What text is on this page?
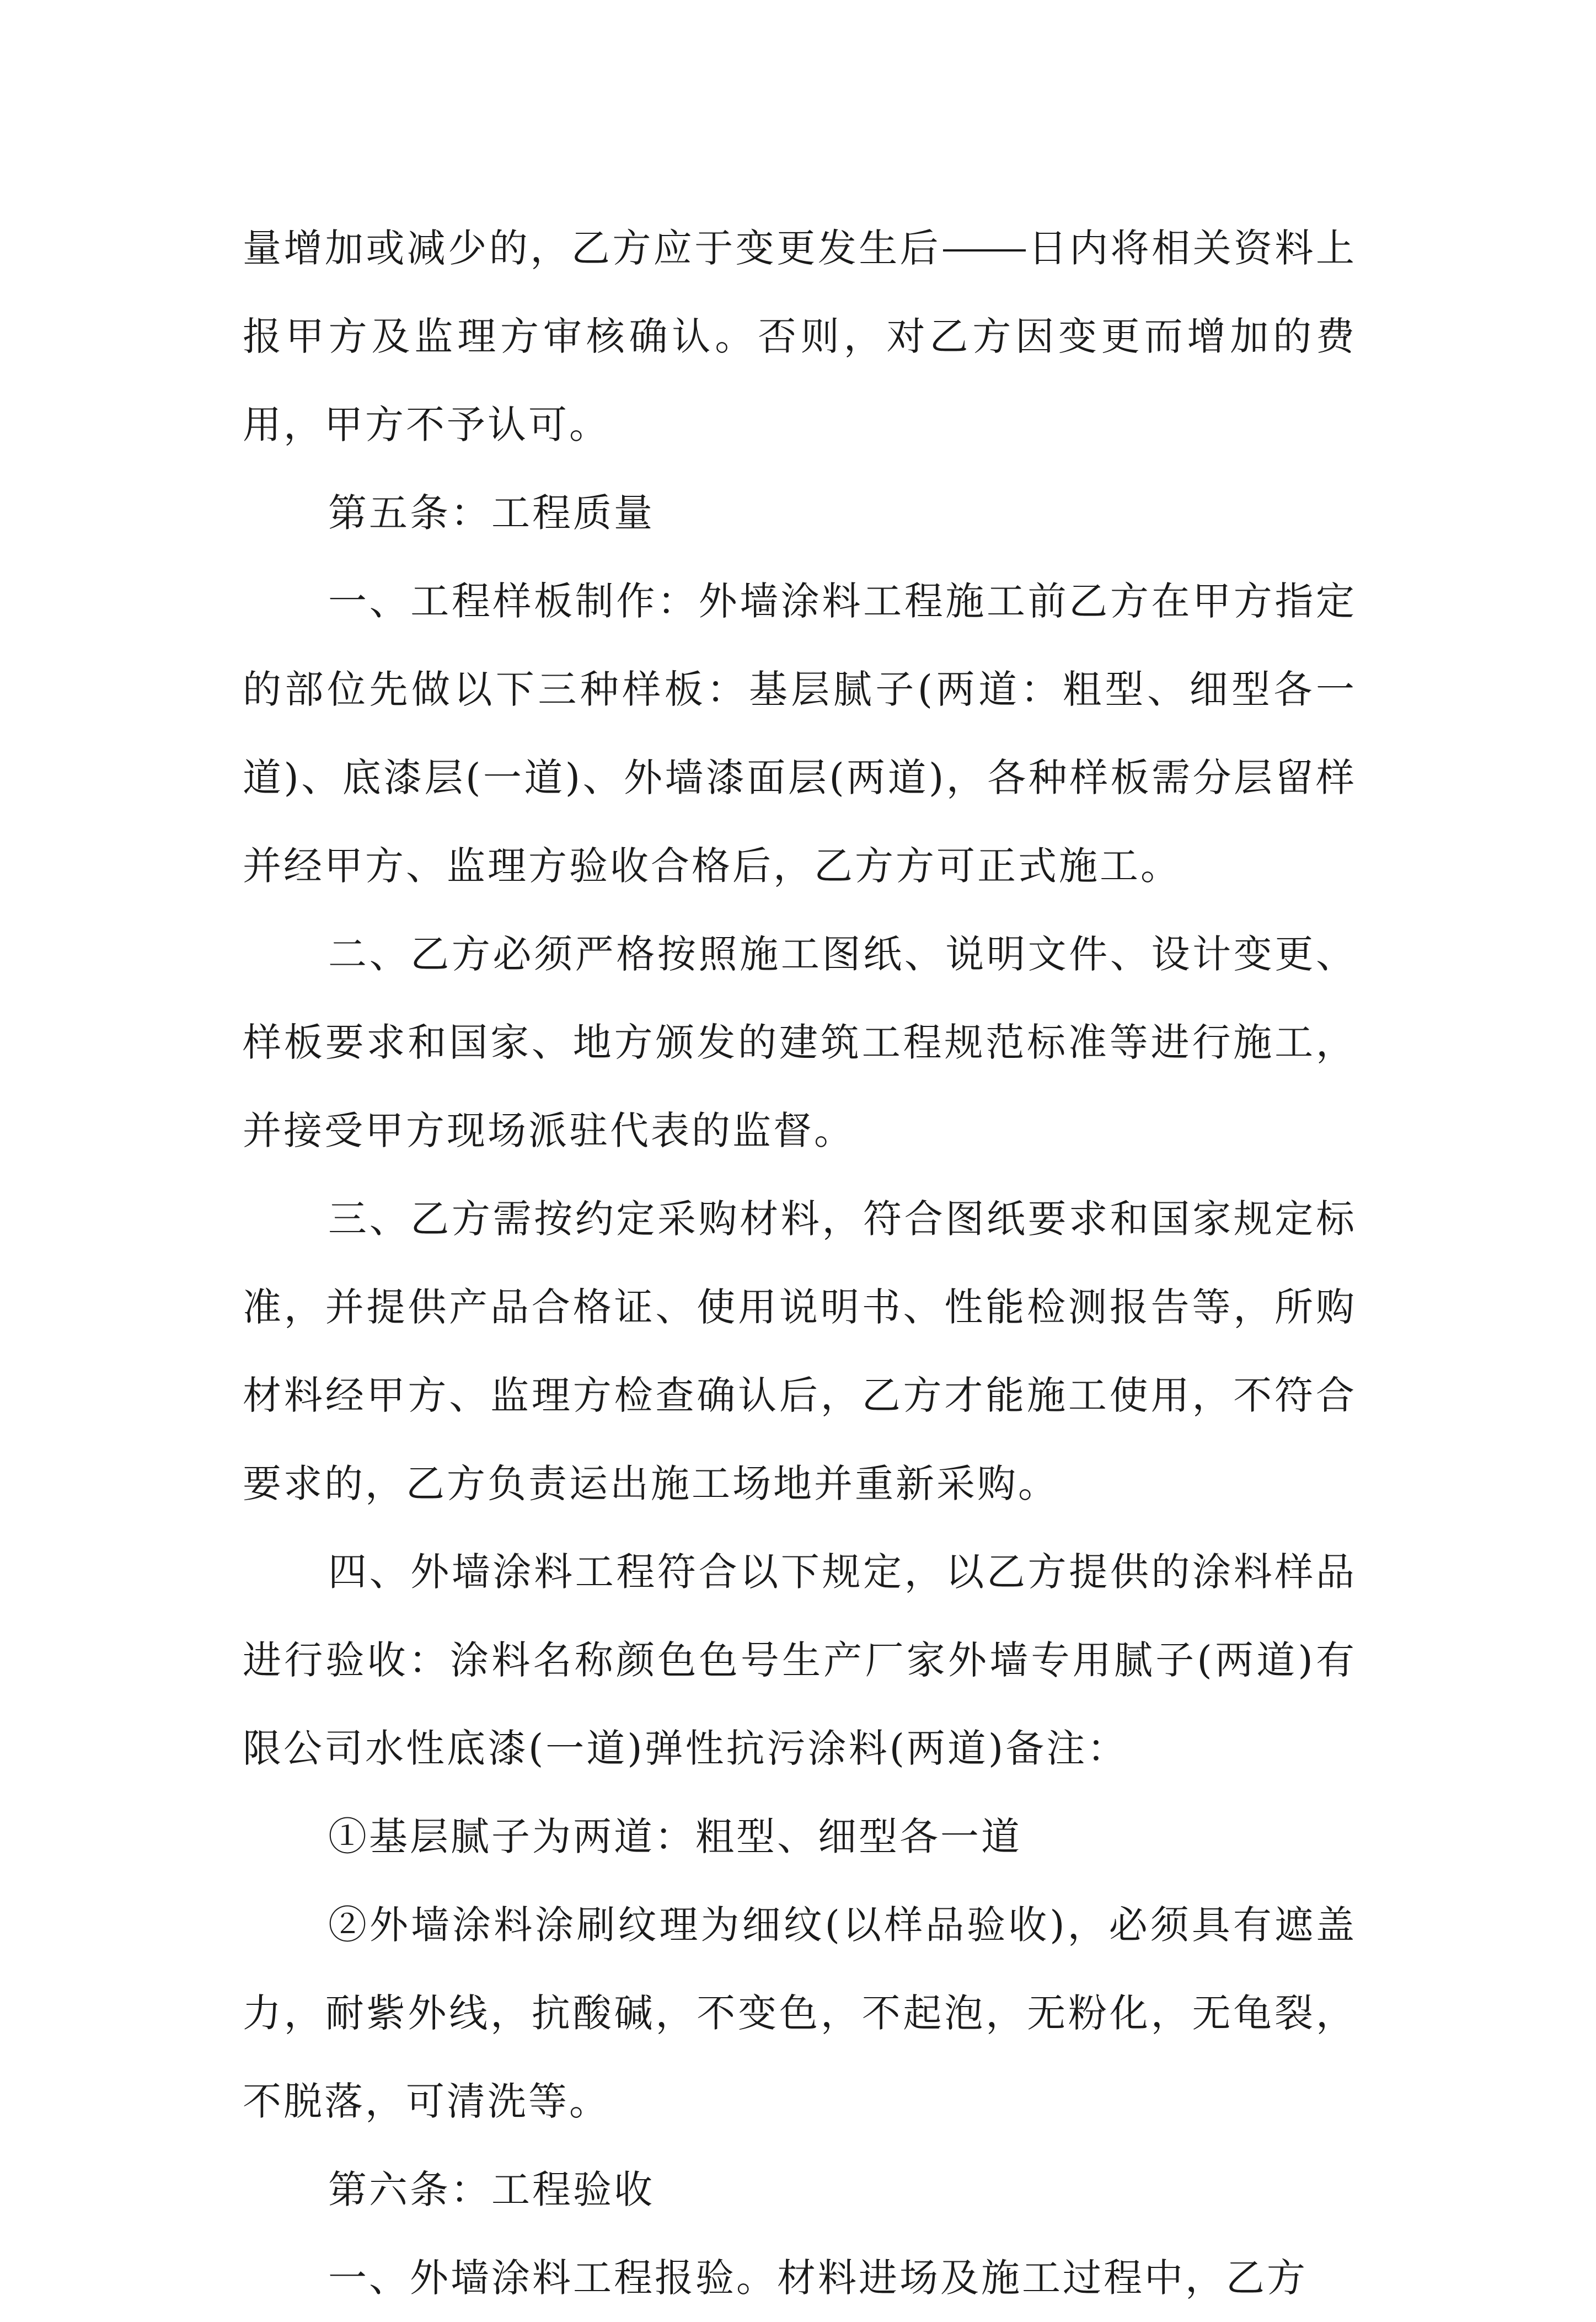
量增加或减少的，乙方应于变更发生后 日内将相关资料上报甲方及监理方审核确认。否则，对乙方因变更而增加的费用，甲方不予认可。

第五条：工程质量

一、工程样板制作：外墙涂料工程施工前乙方在甲方指定的部位先做以下三种样板：基层腻子(两道：粗型、细型各一道)、底漆层(一道)、外墙漆面层(两道)，各种样板需分层留样并经甲方、监理方验收合格后，乙方方可正式施工。

二、乙方必须严格按照施工图纸、说明文件、设计变更、样板要求和国家、地方颁发的建筑工程规范标准等进行施工，并接受甲方现场派驻代表的监督。

三、乙方需按约定采购材料，符合图纸要求和国家规定标准，并提供产品合格证、使用说明书、性能检测报告等，所购材料经甲方、监理方检查确认后，乙方才能施工使用，不符合要求的，乙方负责运出施工场地并重新采购。

四、外墙涂料工程符合以下规定，以乙方提供的涂料样品进行验收：涂料名称颜色色号生产厂家外墙专用腻子(两道)有限公司水性底漆(一道)弹性抗污涂料(两道)备注：

①基层腻子为两道：粗型、细型各一道

②外墙涂料涂刷纹理为细纹(以样品验收)，必须具有遮盖力，耐紫外线，抗酸碱，不变色，不起泡，无粉化，无龟裂，不脱落，可清洗等。

第六条：工程验收

一、外墙涂料工程报验。材料进场及施工过程中，乙方
